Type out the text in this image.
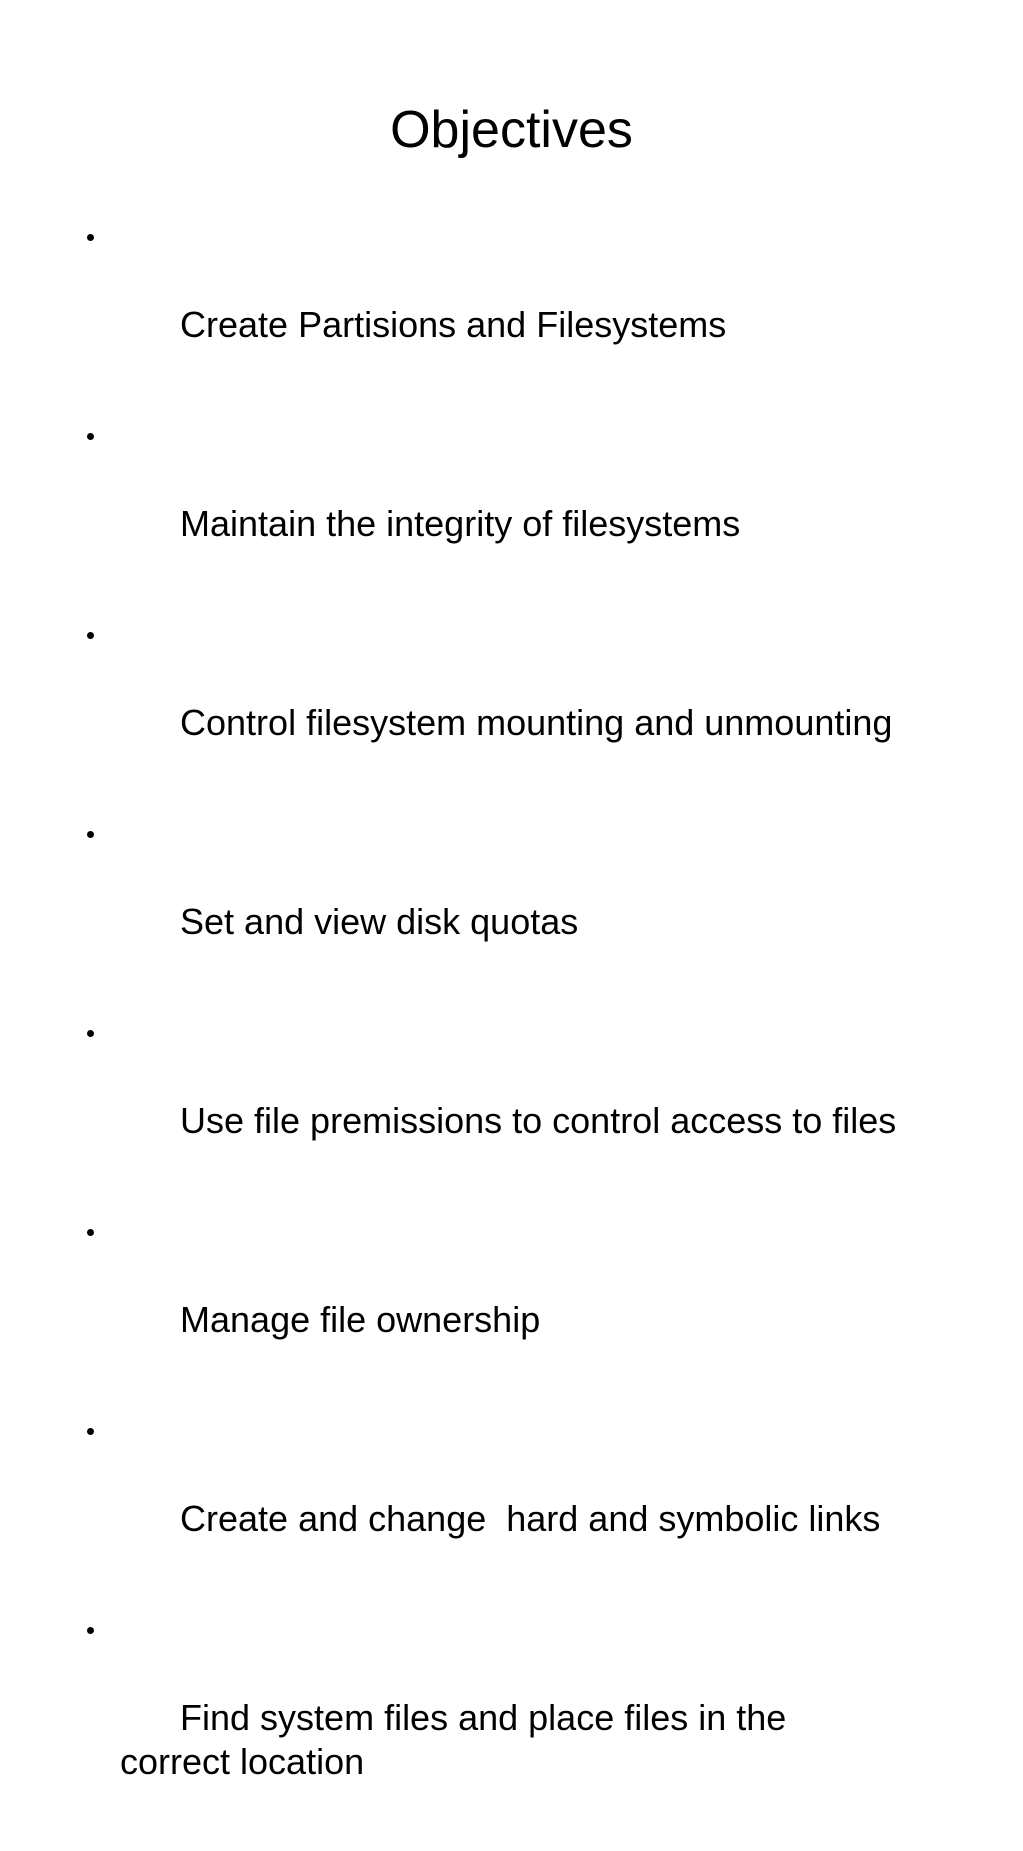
Objectives

Create Partisions and Filesystems

Maintain the integrity of filesystems

Control filesystem mounting and unmounting

Set and view disk quotas

Use file premissions to control access to files

Manage file ownership

Create and change  hard and symbolic links

Find system files and place files in the correct location
